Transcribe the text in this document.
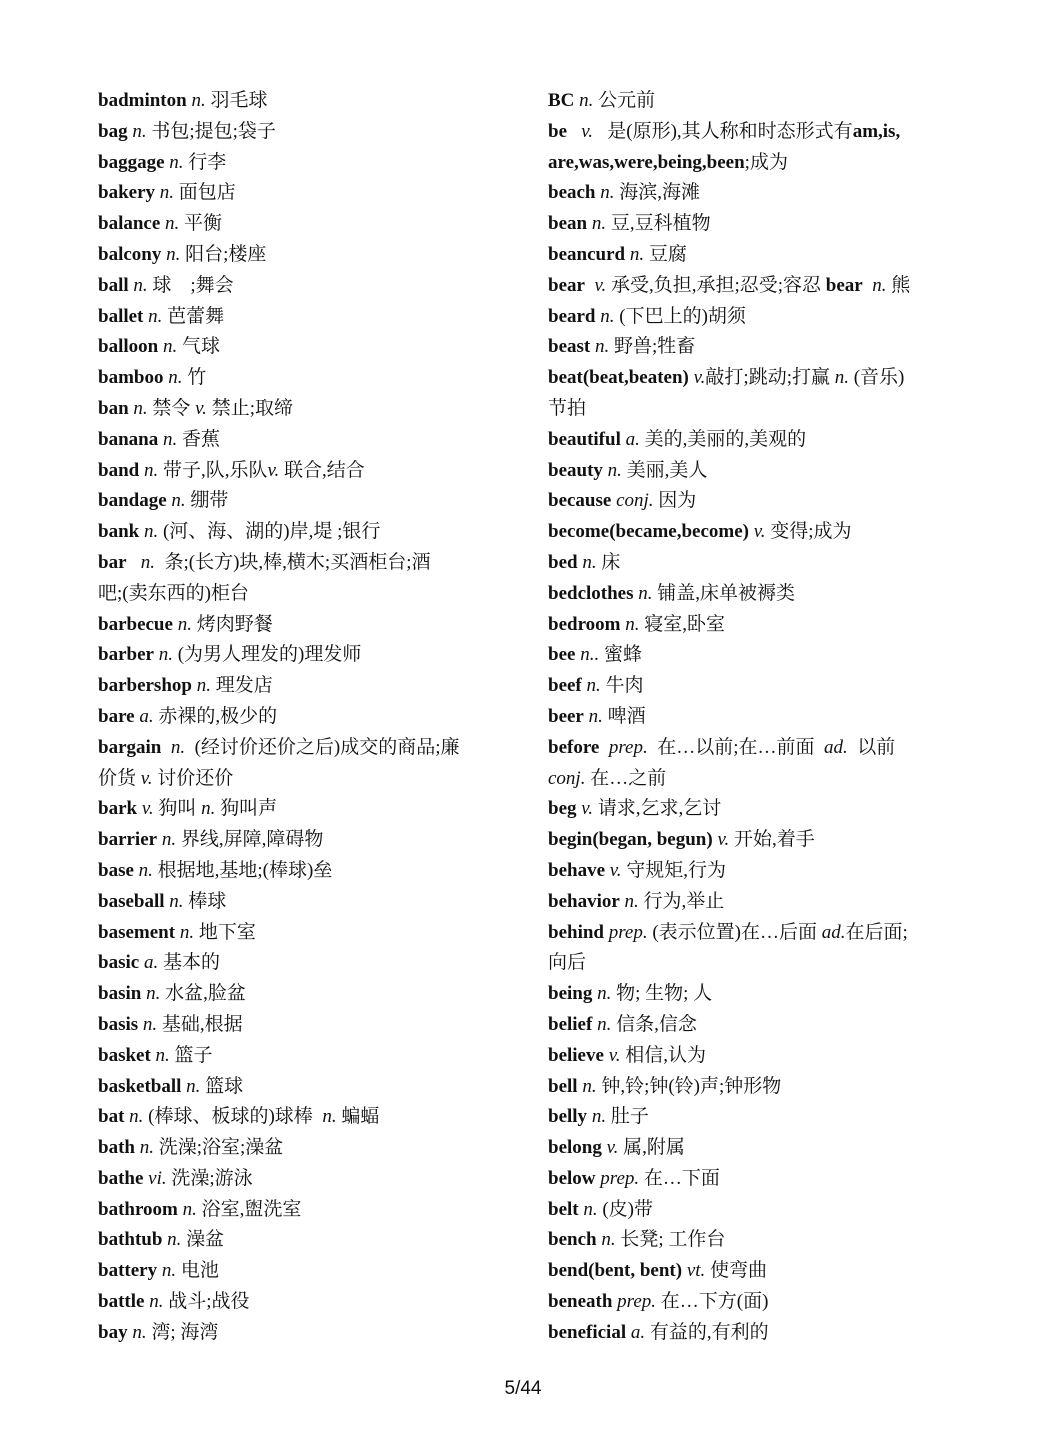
badminton n. 羽毛球
bag n. 书包;提包;袋子
baggage n. 行李
bakery n. 面包店
balance n. 平衡
balcony n. 阳台;楼座
ball n. 球　;舞会
ballet n. 芭蕾舞
balloon n. 气球
bamboo n. 竹
ban n. 禁令 v. 禁止;取缔
banana n. 香蕉
band n. 带子,队,乐队v. 联合,结合
bandage n. 绷带
bank n. (河、海、湖的)岸,堤 ;银行
bar   n.  条;(长方)块,棒,横木;买酒柜台;酒
吧;(卖东西的)柜台
barbecue n. 烤肉野餐
barber n. (为男人理发的)理发师
barbershop n. 理发店
bare a. 赤裸的,极少的
bargain  n.  (经讨价还价之后)成交的商品;廉
价货 v. 讨价还价
bark v. 狗叫 n. 狗叫声
barrier n. 界线,屏障,障碍物
base n. 根据地,基地;(棒球)垒
baseball n. 棒球
basement n. 地下室
basic a. 基本的
basin n. 水盆,脸盆
basis n. 基础,根据
basket n. 篮子
basketball n. 篮球
bat n. (棒球、板球的)球棒  n. 蝙蝠
bath n. 洗澡;浴室;澡盆
bathe vi. 洗澡;游泳
bathroom n. 浴室,盥洗室
bathtub n. 澡盆
battery n. 电池
battle n. 战斗;战役
bay n. 湾; 海湾
BC n. 公元前
be   v.   是(原形),其人称和时态形式有am,is,
are,was,were,being,been;成为
beach n. 海滨,海滩
bean n. 豆,豆科植物
beancurd n. 豆腐
bear  v. 承受,负担,承担;忍受;容忍 bear  n. 熊
beard n. (下巴上的)胡须
beast n. 野兽;牲畜
beat(beat,beaten) v.敲打;跳动;打赢 n. (音乐)
节拍
beautiful a. 美的,美丽的,美观的
beauty n. 美丽,美人
because conj. 因为
become(became,become) v. 变得;成为
bed n. 床
bedclothes n. 铺盖,床单被褥类
bedroom n. 寝室,卧室
bee n.. 蜜蜂
beef n. 牛肉
beer n. 啤酒
before  prep.  在…以前;在…前面  ad.  以前
conj. 在…之前
beg v. 请求,乞求,乞讨
begin(began, begun) v. 开始,着手
behave v. 守规矩,行为
behavior n. 行为,举止
behind prep. (表示位置)在…后面 ad.在后面;
向后
being n. 物; 生物; 人
belief n. 信条,信念
believe v. 相信,认为
bell n. 钟,铃;钟(铃)声;钟形物
belly n. 肚子
belong v. 属,附属
below prep. 在…下面
belt n. (皮)带
bench n. 长凳; 工作台
bend(bent, bent) vt. 使弯曲
beneath prep. 在…下方(面)
beneficial a. 有益的,有利的
5/44
